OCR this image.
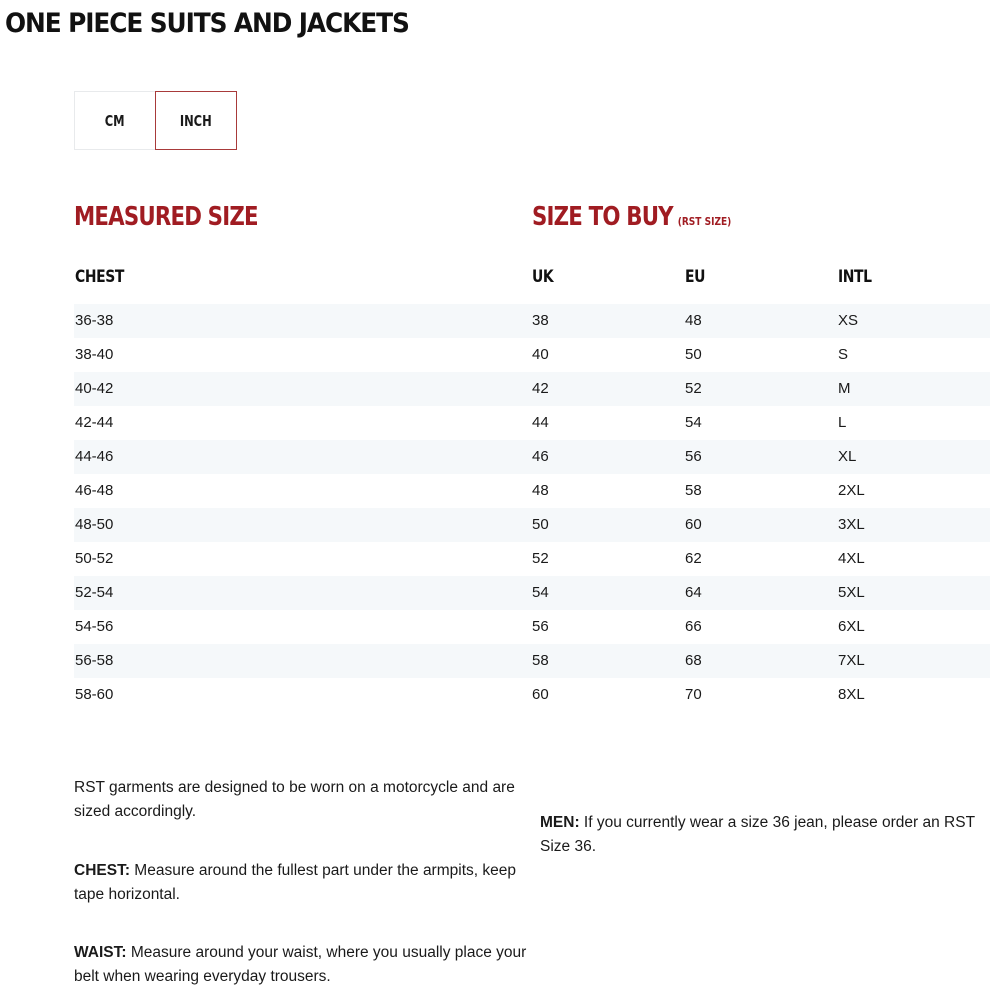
ONE PIECE SUITS AND JACKETS
CM	INCH
MEASURED SIZE	SIZE TO BUY (RST SIZE)
CHEST	UK	EU	INTL
36-38	38	48	XS
38-40	40	50	S
40-42	42	52	M
42-44	44	54	L
44-46	46	56	XL
46-48	48	58	2XL
48-50	50	60	3XL
50-52	52	62	4XL
52-54	54	64	5XL
54-56	56	66	6XL
56-58	58	68	7XL
58-60	60	70	8XL

RST garments are designed to be worn on a motorcycle and are sized accordingly.

CHEST: Measure around the fullest part under the armpits, keep tape horizontal.

WAIST: Measure around your waist, where you usually place your belt when wearing everyday trousers.

MEN: If you currently wear a size 36 jean, please order an RST Size 36.
